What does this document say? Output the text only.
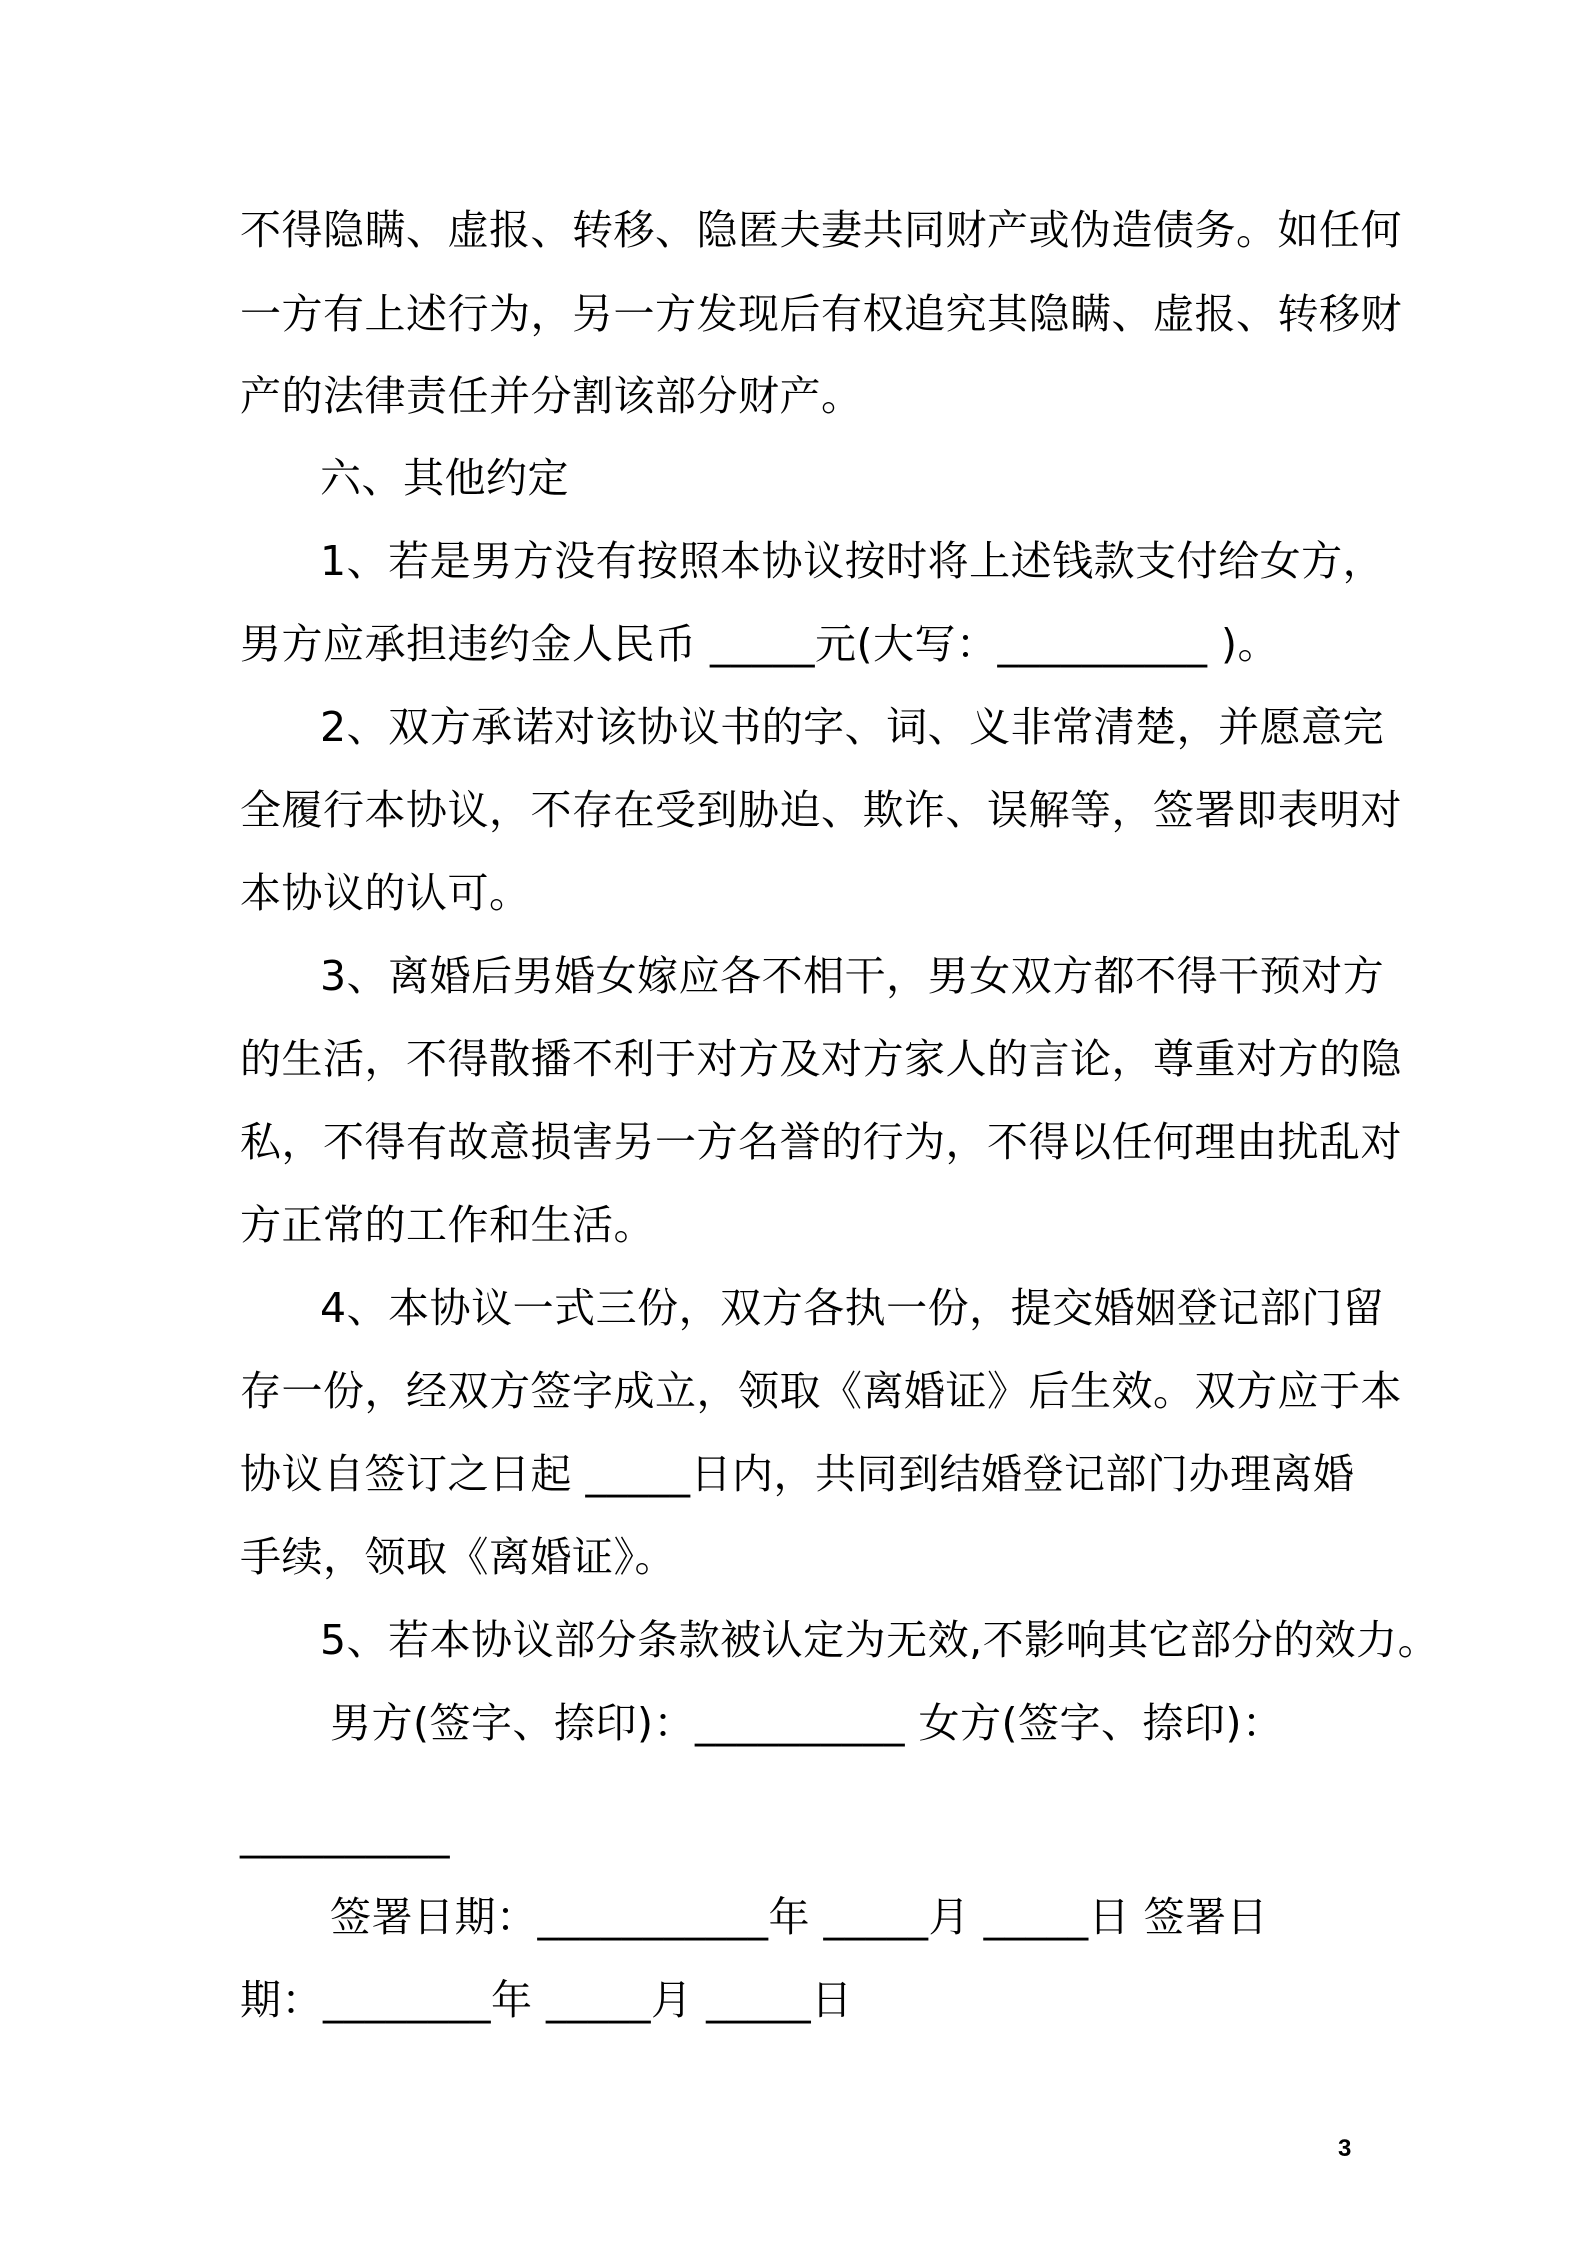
不得隐瞒、虚报、转移、隐匿夫妻共同财产或伪造债务。如任何
一方有上述行为，另一方发现后有权追究其隐瞒、虚报、转移财
产的法律责任并分割该部分财产。
六、其他约定
1、若是男方没有按照本协议按时将上述钱款支付给女方，
男方应承担违约金人民币 _____元(大写：__________ )。
2、双方承诺对该协议书的字、词、义非常清楚，并愿意完
全履行本协议，不存在受到胁迫、欺诈、误解等，签署即表明对
本协议的认可。
3、离婚后男婚女嫁应各不相干，男女双方都不得干预对方
的生活，不得散播不利于对方及对方家人的言论，尊重对方的隐
私，不得有故意损害另一方名誉的行为，不得以任何理由扰乱对
方正常的工作和生活。
4、本协议一式三份，双方各执一份，提交婚姻登记部门留
存一份，经双方签字成立，领取《离婚证》后生效。双方应于本
协议自签订之日起 _____日内，共同到结婚登记部门办理离婚
手续，领取《离婚证》。
5、若本协议部分条款被认定为无效,不影响其它部分的效力。
男方(签字、捺印)：__________ 女方(签字、捺印)：
__________
签署日期：___________年 _____月 _____日 签署日
期：________年 _____月 _____日
3
